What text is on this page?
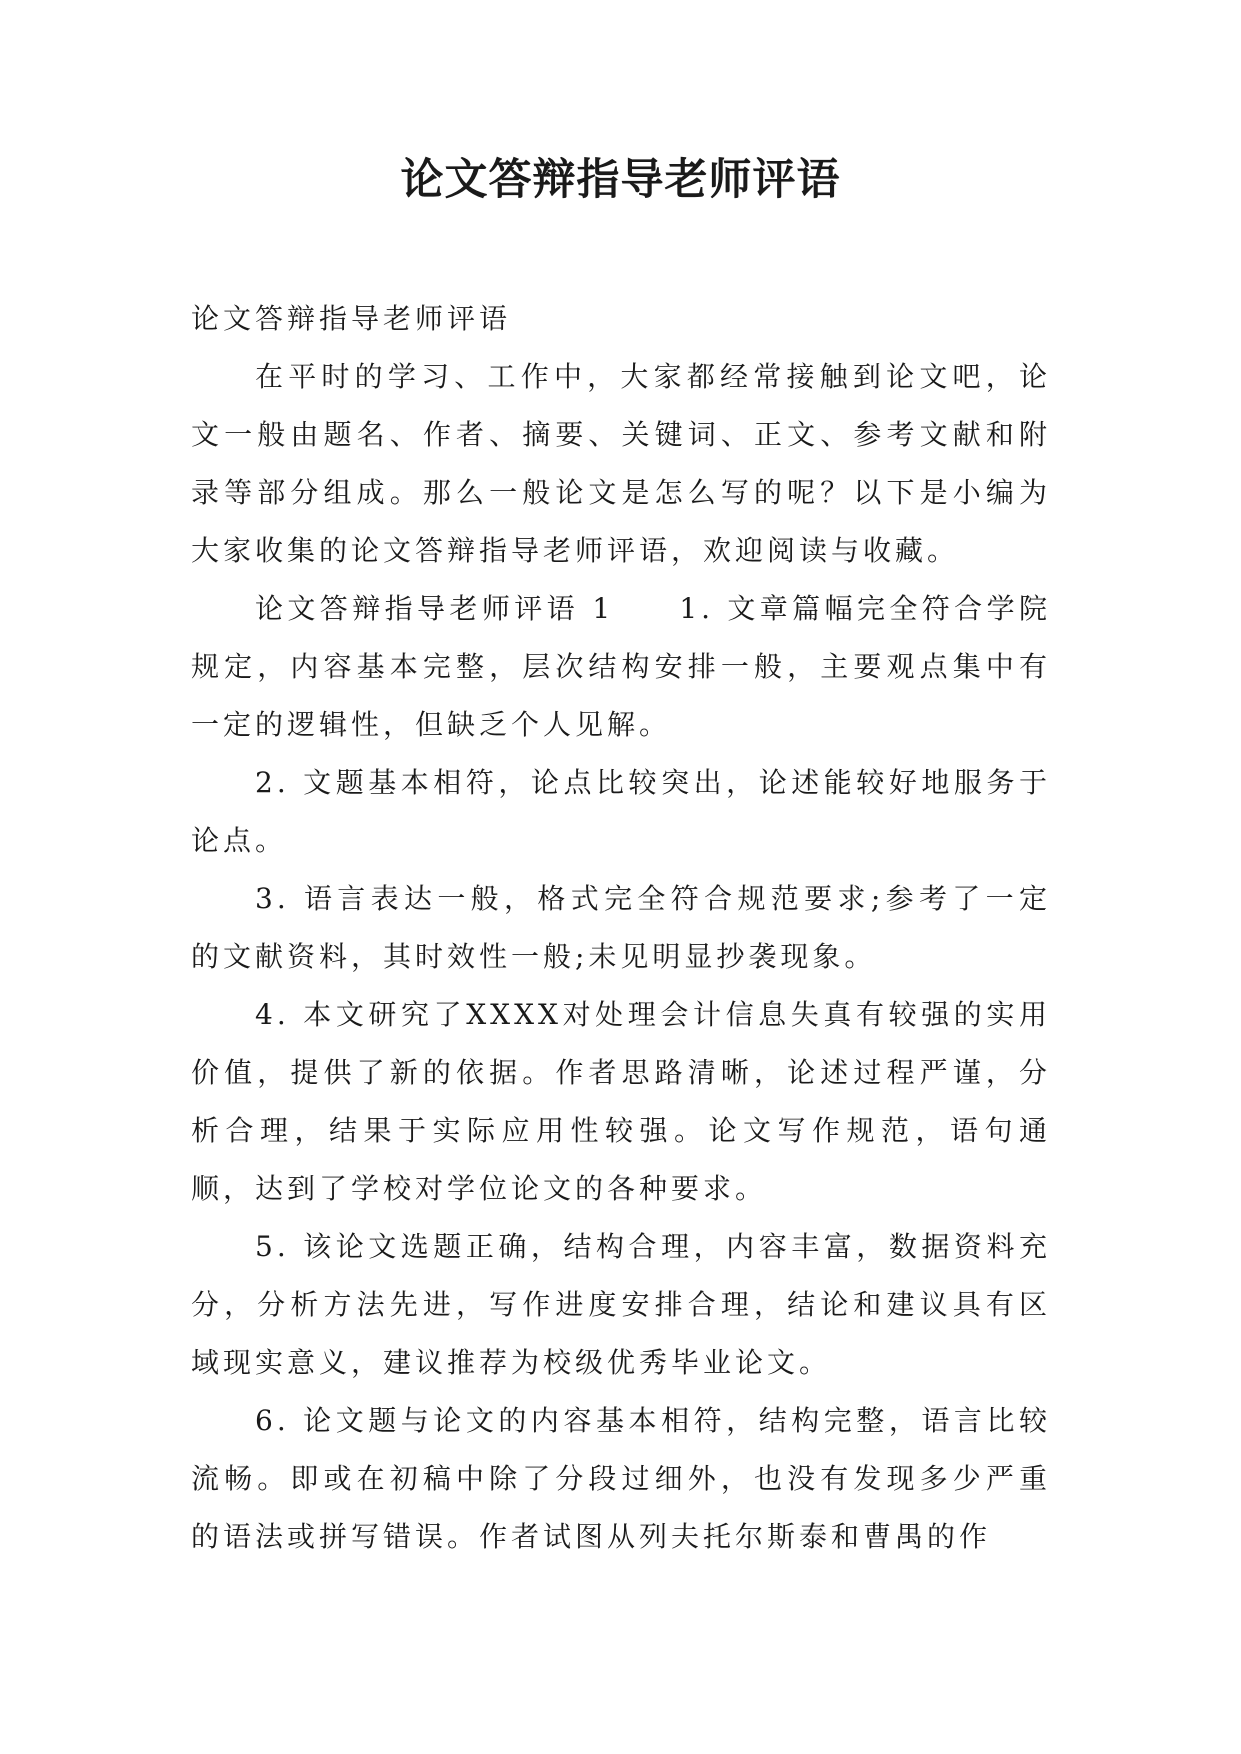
论文答辩指导老师评语

论文答辩指导老师评语

在平时的学习、工作中，大家都经常接触到论文吧，论文一般由题名、作者、摘要、关键词、正文、参考文献和附录等部分组成。那么一般论文是怎么写的呢？以下是小编为大家收集的论文答辩指导老师评语，欢迎阅读与收藏。

论文答辩指导老师评语 1　　1. 文章篇幅完全符合学院规定，内容基本完整，层次结构安排一般，主要观点集中有一定的逻辑性，但缺乏个人见解。

2. 文题基本相符，论点比较突出，论述能较好地服务于论点。

3. 语言表达一般，格式完全符合规范要求;参考了一定的文献资料，其时效性一般;未见明显抄袭现象。

4. 本文研究了XXXX对处理会计信息失真有较强的实用价值，提供了新的依据。作者思路清晰，论述过程严谨，分析合理，结果于实际应用性较强。论文写作规范，语句通顺，达到了学校对学位论文的各种要求。

5. 该论文选题正确，结构合理，内容丰富，数据资料充分，分析方法先进，写作进度安排合理，结论和建议具有区域现实意义，建议推荐为校级优秀毕业论文。

6. 论文题与论文的内容基本相符，结构完整，语言比较流畅。即或在初稿中除了分段过细外，也没有发现多少严重的语法或拼写错误。作者试图从列夫托尔斯泰和曹禺的作
